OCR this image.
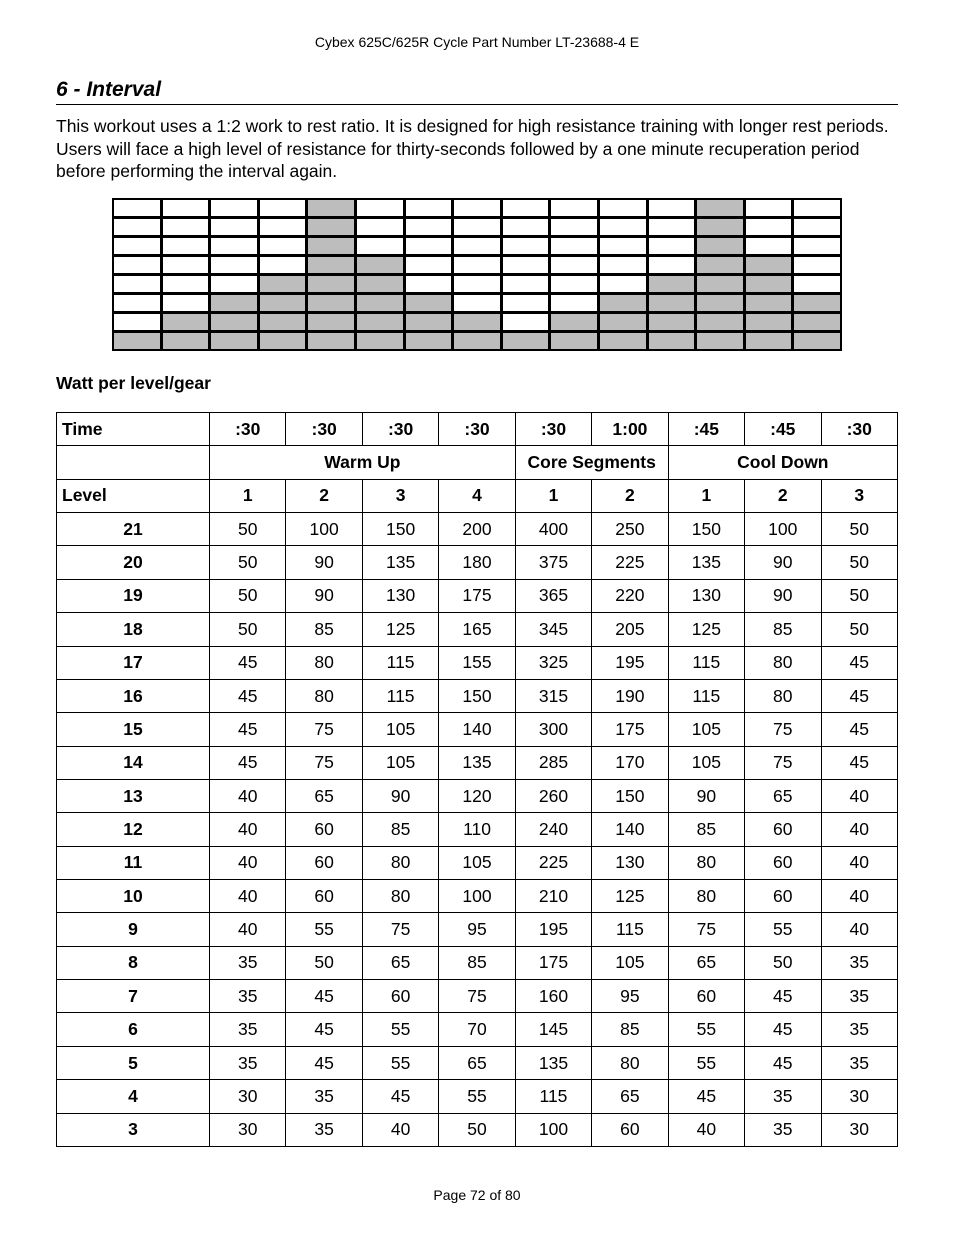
Cybex 625C/625R Cycle Part Number LT-23688-4 E
6 - Interval

This workout uses a 1:2 work to rest ratio. It is designed for high resistance training with longer rest periods. Users will face a high level of resistance for thirty-seconds followed by a one minute recuperation period before performing the interval again.

Watt per level/gear
Time	:30	:30	:30	:30	:30	1:00	:45	:45	:30
	Warm Up				Core Segments		Cool Down		
Level	1	2	3	4	1	2	1	2	3
21	50	100	150	200	400	250	150	100	50
20	50	90	135	180	375	225	135	90	50
19	50	90	130	175	365	220	130	90	50
18	50	85	125	165	345	205	125	85	50
17	45	80	115	155	325	195	115	80	45
16	45	80	115	150	315	190	115	80	45
15	45	75	105	140	300	175	105	75	45
14	45	75	105	135	285	170	105	75	45
13	40	65	90	120	260	150	90	65	40
12	40	60	85	110	240	140	85	60	40
11	40	60	80	105	225	130	80	60	40
10	40	60	80	100	210	125	80	60	40
9	40	55	75	95	195	115	75	55	40
8	35	50	65	85	175	105	65	50	35
7	35	45	60	75	160	95	60	45	35
6	35	45	55	70	145	85	55	45	35
5	35	45	55	65	135	80	55	45	35
4	30	35	45	55	115	65	45	35	30
3	30	35	40	50	100	60	40	35	30
Page 72 of 80
